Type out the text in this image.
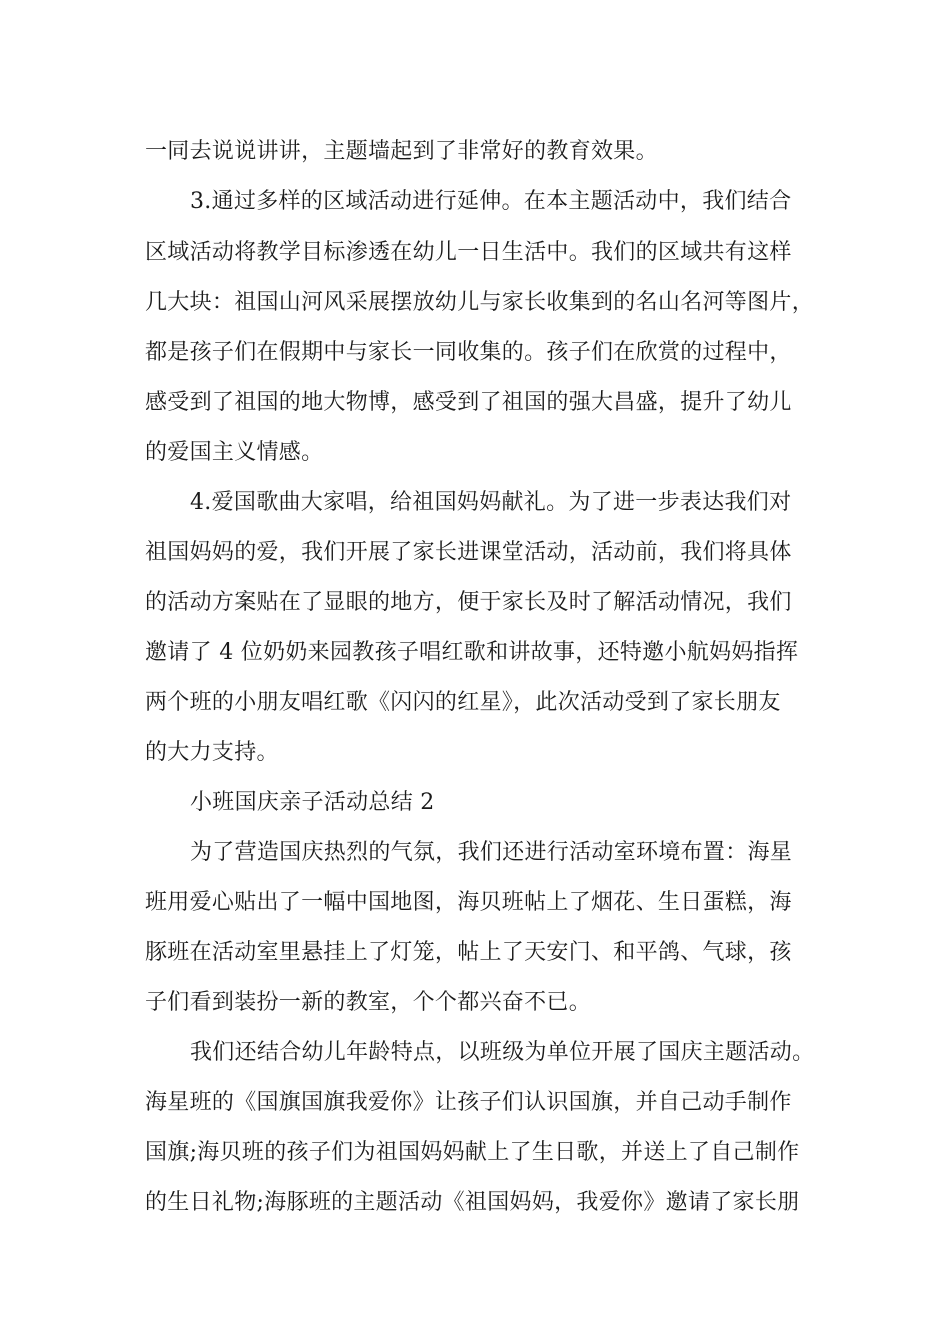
一同去说说讲讲，主题墙起到了非常好的教育效果。
3.通过多样的区域活动进行延伸。在本主题活动中，我们结合
区域活动将教学目标渗透在幼儿一日生活中。我们的区域共有这样
几大块：祖国山河风采展摆放幼儿与家长收集到的名山名河等图片，
都是孩子们在假期中与家长一同收集的。孩子们在欣赏的过程中，
感受到了祖国的地大物博，感受到了祖国的强大昌盛，提升了幼儿
的爱国主义情感。
4.爱国歌曲大家唱，给祖国妈妈献礼。为了进一步表达我们对
祖国妈妈的爱，我们开展了家长进课堂活动，活动前，我们将具体
的活动方案贴在了显眼的地方，便于家长及时了解活动情况，我们
邀请了 4 位奶奶来园教孩子唱红歌和讲故事，还特邀小航妈妈指挥
两个班的小朋友唱红歌《闪闪的红星》，此次活动受到了家长朋友
的大力支持。
小班国庆亲子活动总结 2
为了营造国庆热烈的气氛，我们还进行活动室环境布置：海星
班用爱心贴出了一幅中国地图，海贝班帖上了烟花、生日蛋糕，海
豚班在活动室里悬挂上了灯笼，帖上了天安门、和平鸽、气球，孩
子们看到装扮一新的教室，个个都兴奋不已。
我们还结合幼儿年龄特点，以班级为单位开展了国庆主题活动。
海星班的《国旗国旗我爱你》让孩子们认识国旗，并自己动手制作
国旗;海贝班的孩子们为祖国妈妈献上了生日歌，并送上了自己制作
的生日礼物;海豚班的主题活动《祖国妈妈，我爱你》邀请了家长朋
